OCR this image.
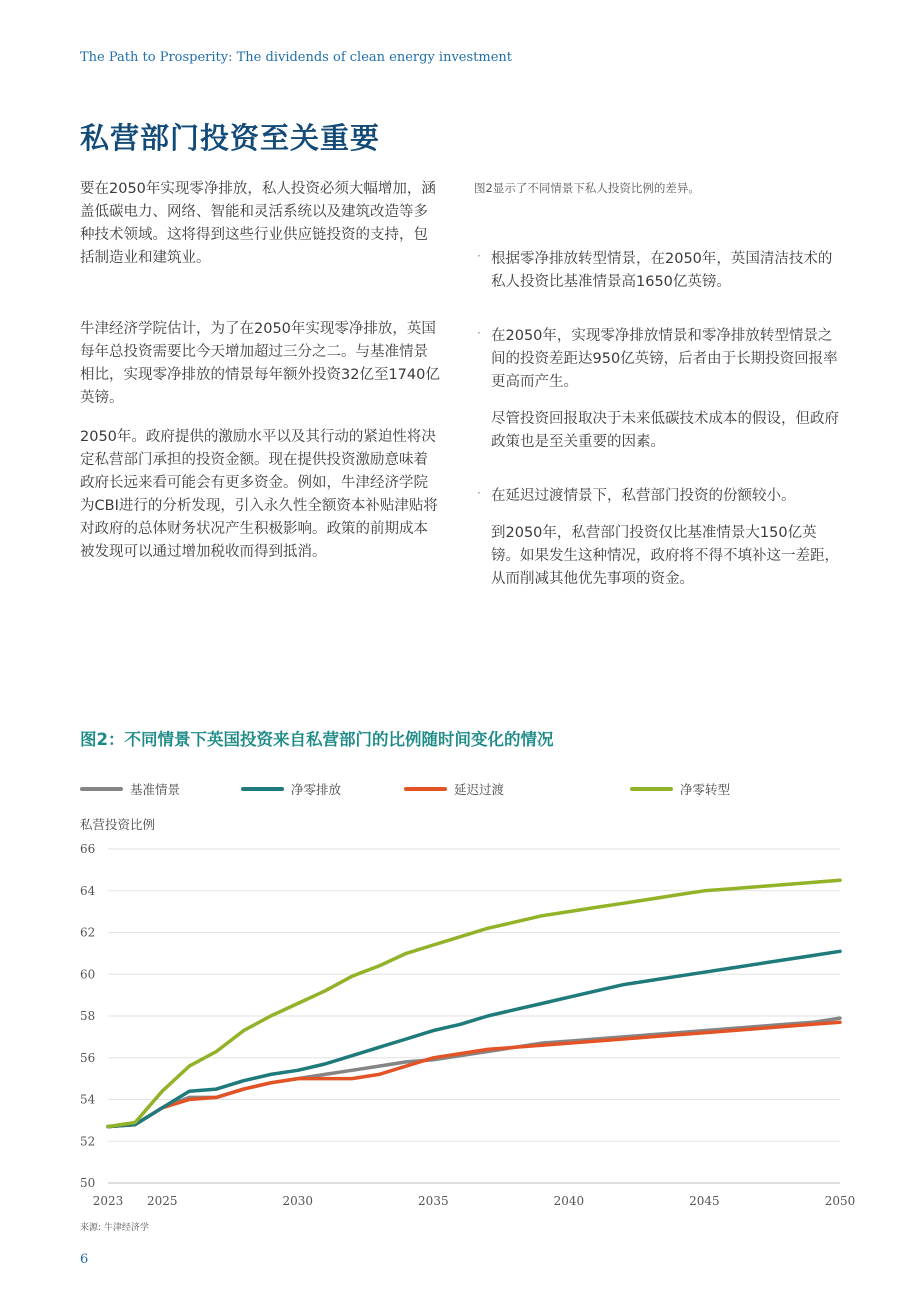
The Path to Prosperity: The dividends of clean energy investment
私营部门投资至关重要

要在2050年实现零净排放，私人投资必须大幅增加，涵盖低碳电力、网络、智能和灵活系统以及建筑改造等多种技术领域。这将得到这些行业供应链投资的支持，包括制造业和建筑业。

牛津经济学院估计，为了在2050年实现零净排放，英国每年总投资需要比今天增加超过三分之二。与基准情景相比，实现零净排放的情景每年额外投资32亿至1740亿英镑。

2050年。政府提供的激励水平以及其行动的紧迫性将决定私营部门承担的投资金额。现在提供投资激励意味着政府长远来看可能会有更多资金。例如，牛津经济学院为CBI进行的分析发现，引入永久性全额资本补贴津贴将对政府的总体财务状况产生积极影响。政策的前期成本被发现可以通过增加税收而得到抵消。

图2显示了不同情景下私人投资比例的差异。

· 根据零净排放转型情景，在2050年，英国清洁技术的私人投资比基准情景高1650亿英镑。

· 在2050年，实现零净排放情景和零净排放转型情景之间的投资差距达950亿英镑，后者由于长期投资回报率更高而产生。

尽管投资回报取决于未来低碳技术成本的假设，但政府政策也是至关重要的因素。

· 在延迟过渡情景下，私营部门投资的份额较小。

到2050年，私营部门投资仅比基准情景大150亿英镑。如果发生这种情况，政府将不得不填补这一差距，从而削减其他优先事项的资金。

图2：不同情景下英国投资来自私营部门的比例随时间变化的情况
基准情景	净零排放	延迟过渡	净零转型
私营投资比例
50
52
54
56
58
60
62
64
66
2023 2025	2030	2035	2040	2045	2050
来源: 牛津经济学
6
